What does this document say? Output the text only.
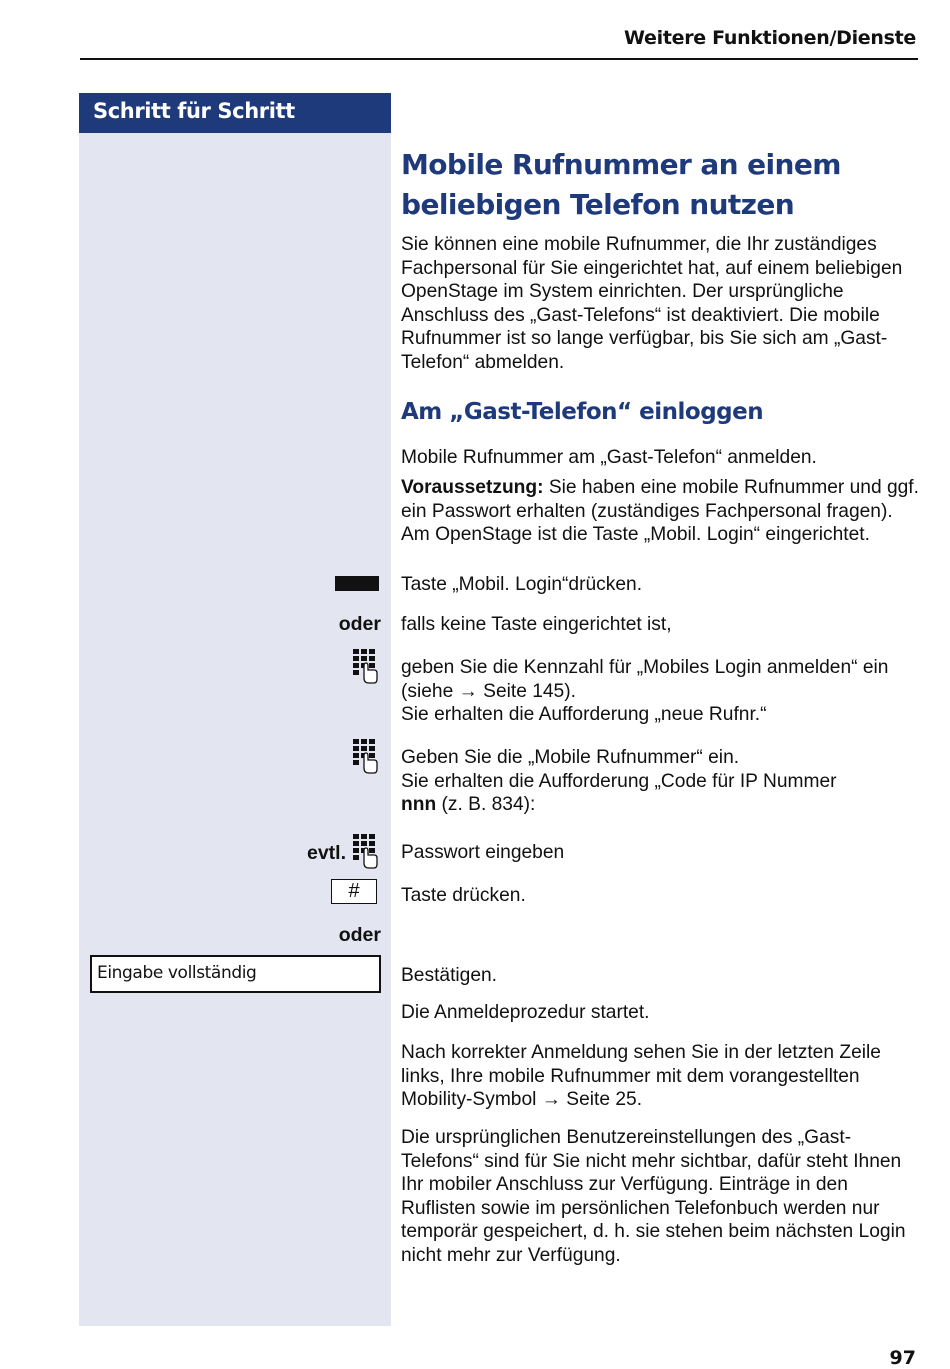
Weitere Funktionen/Dienste
Schritt für Schritt
Mobile Rufnummer an einem beliebigen Telefon nutzen
Sie können eine mobile Rufnummer, die Ihr zuständiges Fachpersonal für Sie eingerichtet hat, auf einem beliebigen OpenStage im System einrichten. Der ursprüngliche Anschluss des „Gast-Telefons“ ist deaktiviert. Die mobile Rufnummer ist so lange verfügbar, bis Sie sich am „Gast-Telefon“ abmelden.
Am „Gast-Telefon“ einloggen
Mobile Rufnummer am „Gast-Telefon“ anmelden.
Voraussetzung: Sie haben eine mobile Rufnummer und ggf. ein Passwort erhalten (zuständiges Fachpersonal fragen). Am OpenStage ist die Taste „Mobil. Login“ eingerichtet.
Taste „Mobil. Login“drücken.
oder falls keine Taste eingerichtet ist,
geben Sie die Kennzahl für „Mobiles Login anmelden“ ein (siehe → Seite 145).
Sie erhalten die Aufforderung „neue Rufnr.“
Geben Sie die „Mobile Rufnummer“ ein.
Sie erhalten die Aufforderung „Code für IP Nummer
nnn (z. B. 834):
evtl.	Passwort eingeben
#	Taste drücken.
oder
Eingabe vollständig	Bestätigen.
Die Anmeldeprozedur startet.
Nach korrekter Anmeldung sehen Sie in der letzten Zeile links, Ihre mobile Rufnummer mit dem vorangestellten Mobility-Symbol → Seite 25.
Die ursprünglichen Benutzereinstellungen des „Gast-Telefons“ sind für Sie nicht mehr sichtbar, dafür steht Ihnen Ihr mobiler Anschluss zur Verfügung. Einträge in den Ruflisten sowie im persönlichen Telefonbuch werden nur temporär gespeichert, d. h. sie stehen beim nächsten Login nicht mehr zur Verfügung.
97
